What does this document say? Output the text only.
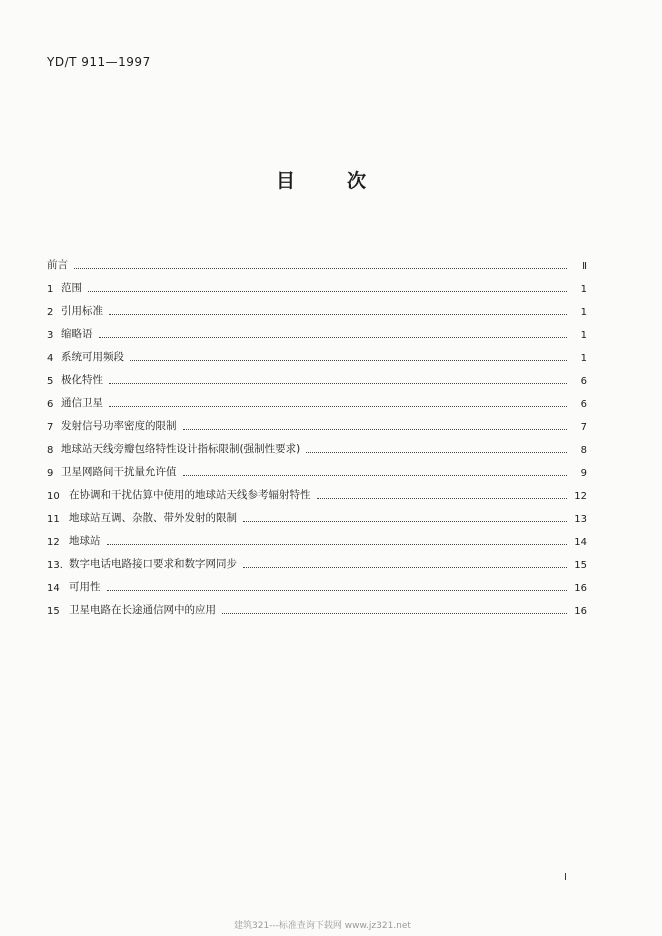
YD/T 911—1997
目	次
前言	Ⅱ
1 范围	1
2 引用标准	1
3 缩略语	1
4 系统可用频段	1
5 极化特性	6
6 通信卫星	6
7 发射信号功率密度的限制	7
8 地球站天线旁瓣包络特性设计指标限制(强制性要求)	8
9 卫星网路间干扰量允许值	9
10 在协调和干扰估算中使用的地球站天线参考辐射特性	12
11 地球站互调、杂散、带外发射的限制	13
12 地球站	14
13. 数字电话电路接口要求和数字网同步	15
14 可用性	16
15 卫星电路在长途通信网中的应用	16
I
建筑321---标准查询下载网 www.jz321.net
